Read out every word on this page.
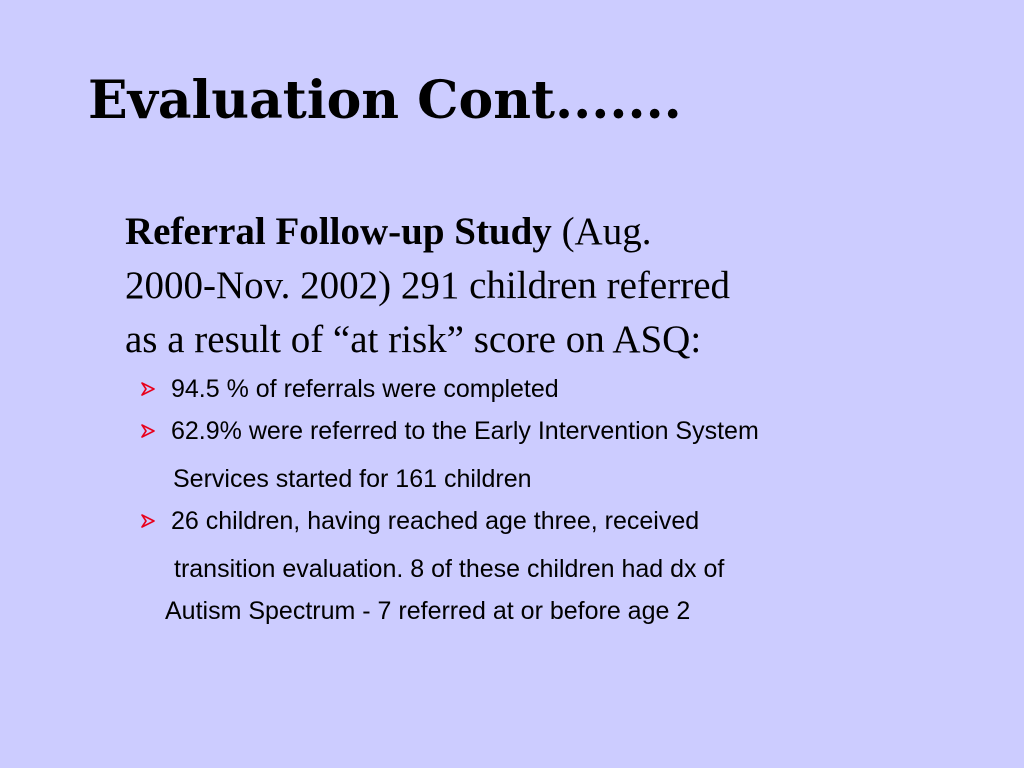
Evaluation Cont.......

Referral Follow-up Study (Aug.
2000-Nov. 2002) 291 children referred
as a result of “at risk” score on ASQ:

94.5 % of referrals were completed
62.9% were referred to the Early Intervention System
Services started for 161 children
26 children, having reached age three, received
transition evaluation. 8 of these children had dx of
Autism Spectrum - 7 referred at or before age 2
